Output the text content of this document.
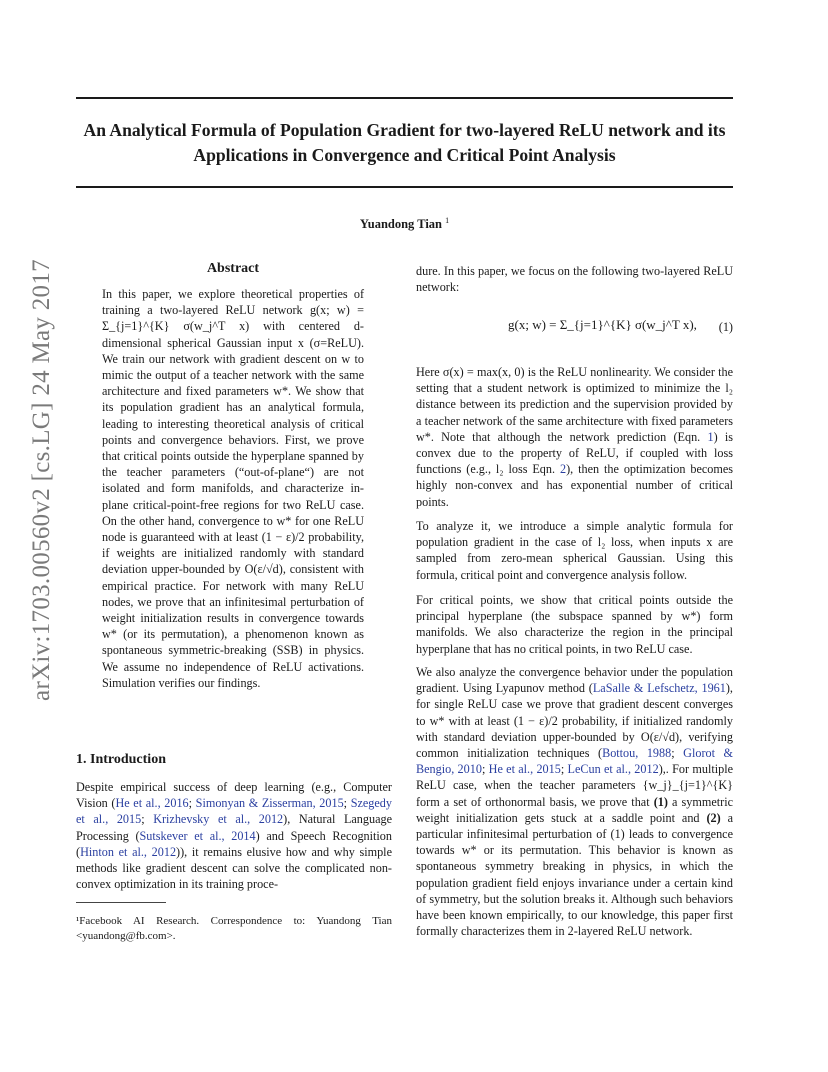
An Analytical Formula of Population Gradient for two-layered ReLU network and its Applications in Convergence and Critical Point Analysis

Yuandong Tian $^1$

arXiv:1703.00560v2 [cs.LG] 24 May 2017	Abstract

In this paper, we explore theoretical properties of training a two-layered ReLU network g(x; w) = Σ_{j=1}^{K} σ(w_j^T x) with centered d-dimensional spherical Gaussian input x (σ=ReLU). We train our network with gradient descent on w to mimic the output of a teacher network with the same architecture and fixed parameters w*. We show that its population gradient has an analytical formula, leading to interesting theoretical analysis of critical points and convergence behaviors. First, we prove that critical points outside the hyperplane spanned by the teacher parameters (“out-of-plane“) are not isolated and form manifolds, and characterize in-plane critical-point-free regions for two ReLU case. On the other hand, convergence to w* for one ReLU node is guaranteed with at least (1 − ε)/2 probability, if weights are initialized randomly with standard deviation upper-bounded by O(ε/√d), consistent with empirical practice. For network with many ReLU nodes, we prove that an infinitesimal perturbation of weight initialization results in convergence towards w* (or its permutation), a phenomenon known as spontaneous symmetric-breaking (SSB) in physics. We assume no independence of ReLU activations. Simulation verifies our findings.

1. Introduction

Despite empirical success of deep learning (e.g., Computer Vision (He et al., 2016; Simonyan & Zisserman, 2015; Szegedy et al., 2015; Krizhevsky et al., 2012), Natural Language Processing (Sutskever et al., 2014) and Speech Recognition (Hinton et al., 2012)), it remains elusive how and why simple methods like gradient descent can solve the complicated non-convex optimization in its training proce-

¹Facebook AI Research. Correspondence to: Yuandong Tian <yuandong@fb.com>.

dure. In this paper, we focus on the following two-layered ReLU network:

g(x; w) = Σ_{j=1}^{K} σ(w_j^T x), (1)

Here σ(x) = max(x, 0) is the ReLU nonlinearity. We consider the setting that a student network is optimized to minimize the l₂ distance between its prediction and the supervision provided by a teacher network of the same architecture with fixed parameters w*. Note that although the network prediction (Eqn. 1) is convex due to the property of ReLU, if coupled with loss functions (e.g., l₂ loss Eqn. 2), then the optimization becomes highly non-convex and has exponential number of critical points.

To analyze it, we introduce a simple analytic formula for population gradient in the case of l₂ loss, when inputs x are sampled from zero-mean spherical Gaussian. Using this formula, critical point and convergence analysis follow.

For critical points, we show that critical points outside the principal hyperplane (the subspace spanned by w*) form manifolds. We also characterize the region in the principal hyperplane that has no critical points, in two ReLU case.

We also analyze the convergence behavior under the population gradient. Using Lyapunov method (LaSalle & Lefschetz, 1961), for single ReLU case we prove that gradient descent converges to w* with at least (1 − ε)/2 probability, if initialized randomly with standard deviation upper-bounded by O(ε/√d), verifying common initialization techniques (Bottou, 1988; Glorot & Bengio, 2010; He et al., 2015; LeCun et al., 2012),. For multiple ReLU case, when the teacher parameters {w_j}_{j=1}^{K} form a set of orthonormal basis, we prove that (1) a symmetric weight initialization gets stuck at a saddle point and (2) a particular infinitesimal perturbation of (1) leads to convergence towards w* or its permutation. This behavior is known as spontaneous symmetry breaking in physics, in which the population gradient field enjoys invariance under a certain kind of symmetry, but the solution breaks it. Although such behaviors have been known empirically, to our knowledge, this paper first formally characterizes them in 2-layered ReLU network.
